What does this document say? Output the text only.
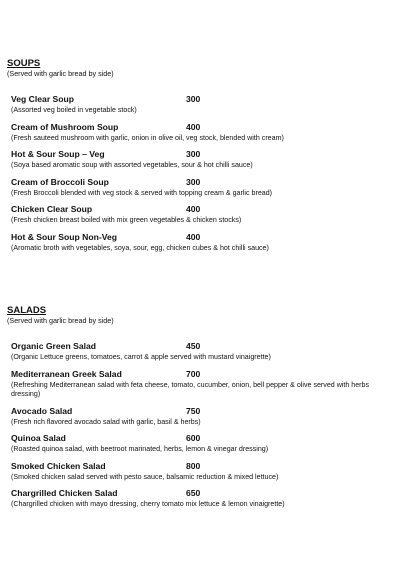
SOUPS

(Served with garlic bread by side)

Veg Clear Soup	300
(Assorted veg boiled in vegetable stock)
Cream of Mushroom Soup	400
(Fresh sauteed mushroom with garlic, onion in olive oil, veg stock, blended with cream)
Hot & Sour Soup – Veg	300
(Soya based aromatic soup with assorted vegetables, sour & hot chilli sauce)
Cream of Broccoli Soup	300
(Fresh Broccoli blended with veg stock & served with topping cream & garlic bread)
Chicken Clear Soup	400
(Fresh chicken breast boiled with mix green vegetables & chicken stocks)
Hot & Sour Soup Non-Veg	400
(Aromatic broth with vegetables, soya, sour, egg, chicken cubes & hot chilli sauce)

SALADS

(Served with garlic bread by side)

Organic Green Salad	450
(Organic Lettuce greens, tomatoes, carrot & apple served with mustard vinaigrette)
Mediterranean Greek Salad	700
(Refreshing Mediterranean salad with feta cheese, tomato, cucumber, onion, bell pepper & olive served with herbs dressing)
Avocado Salad	750
(Fresh rich flavored avocado salad with garlic, basil & herbs)
Quinoa Salad	600
(Roasted quinoa salad, with beetroot marinated, herbs, lemon & vinegar dressing)
Smoked Chicken Salad	800
(Smoked chicken salad served with pesto sauce, balsamic reduction & mixed lettuce)
Chargrilled Chicken Salad	650
(Chargrilled chicken with mayo dressing, cherry tomato mix lettuce & lemon vinaigrette)
